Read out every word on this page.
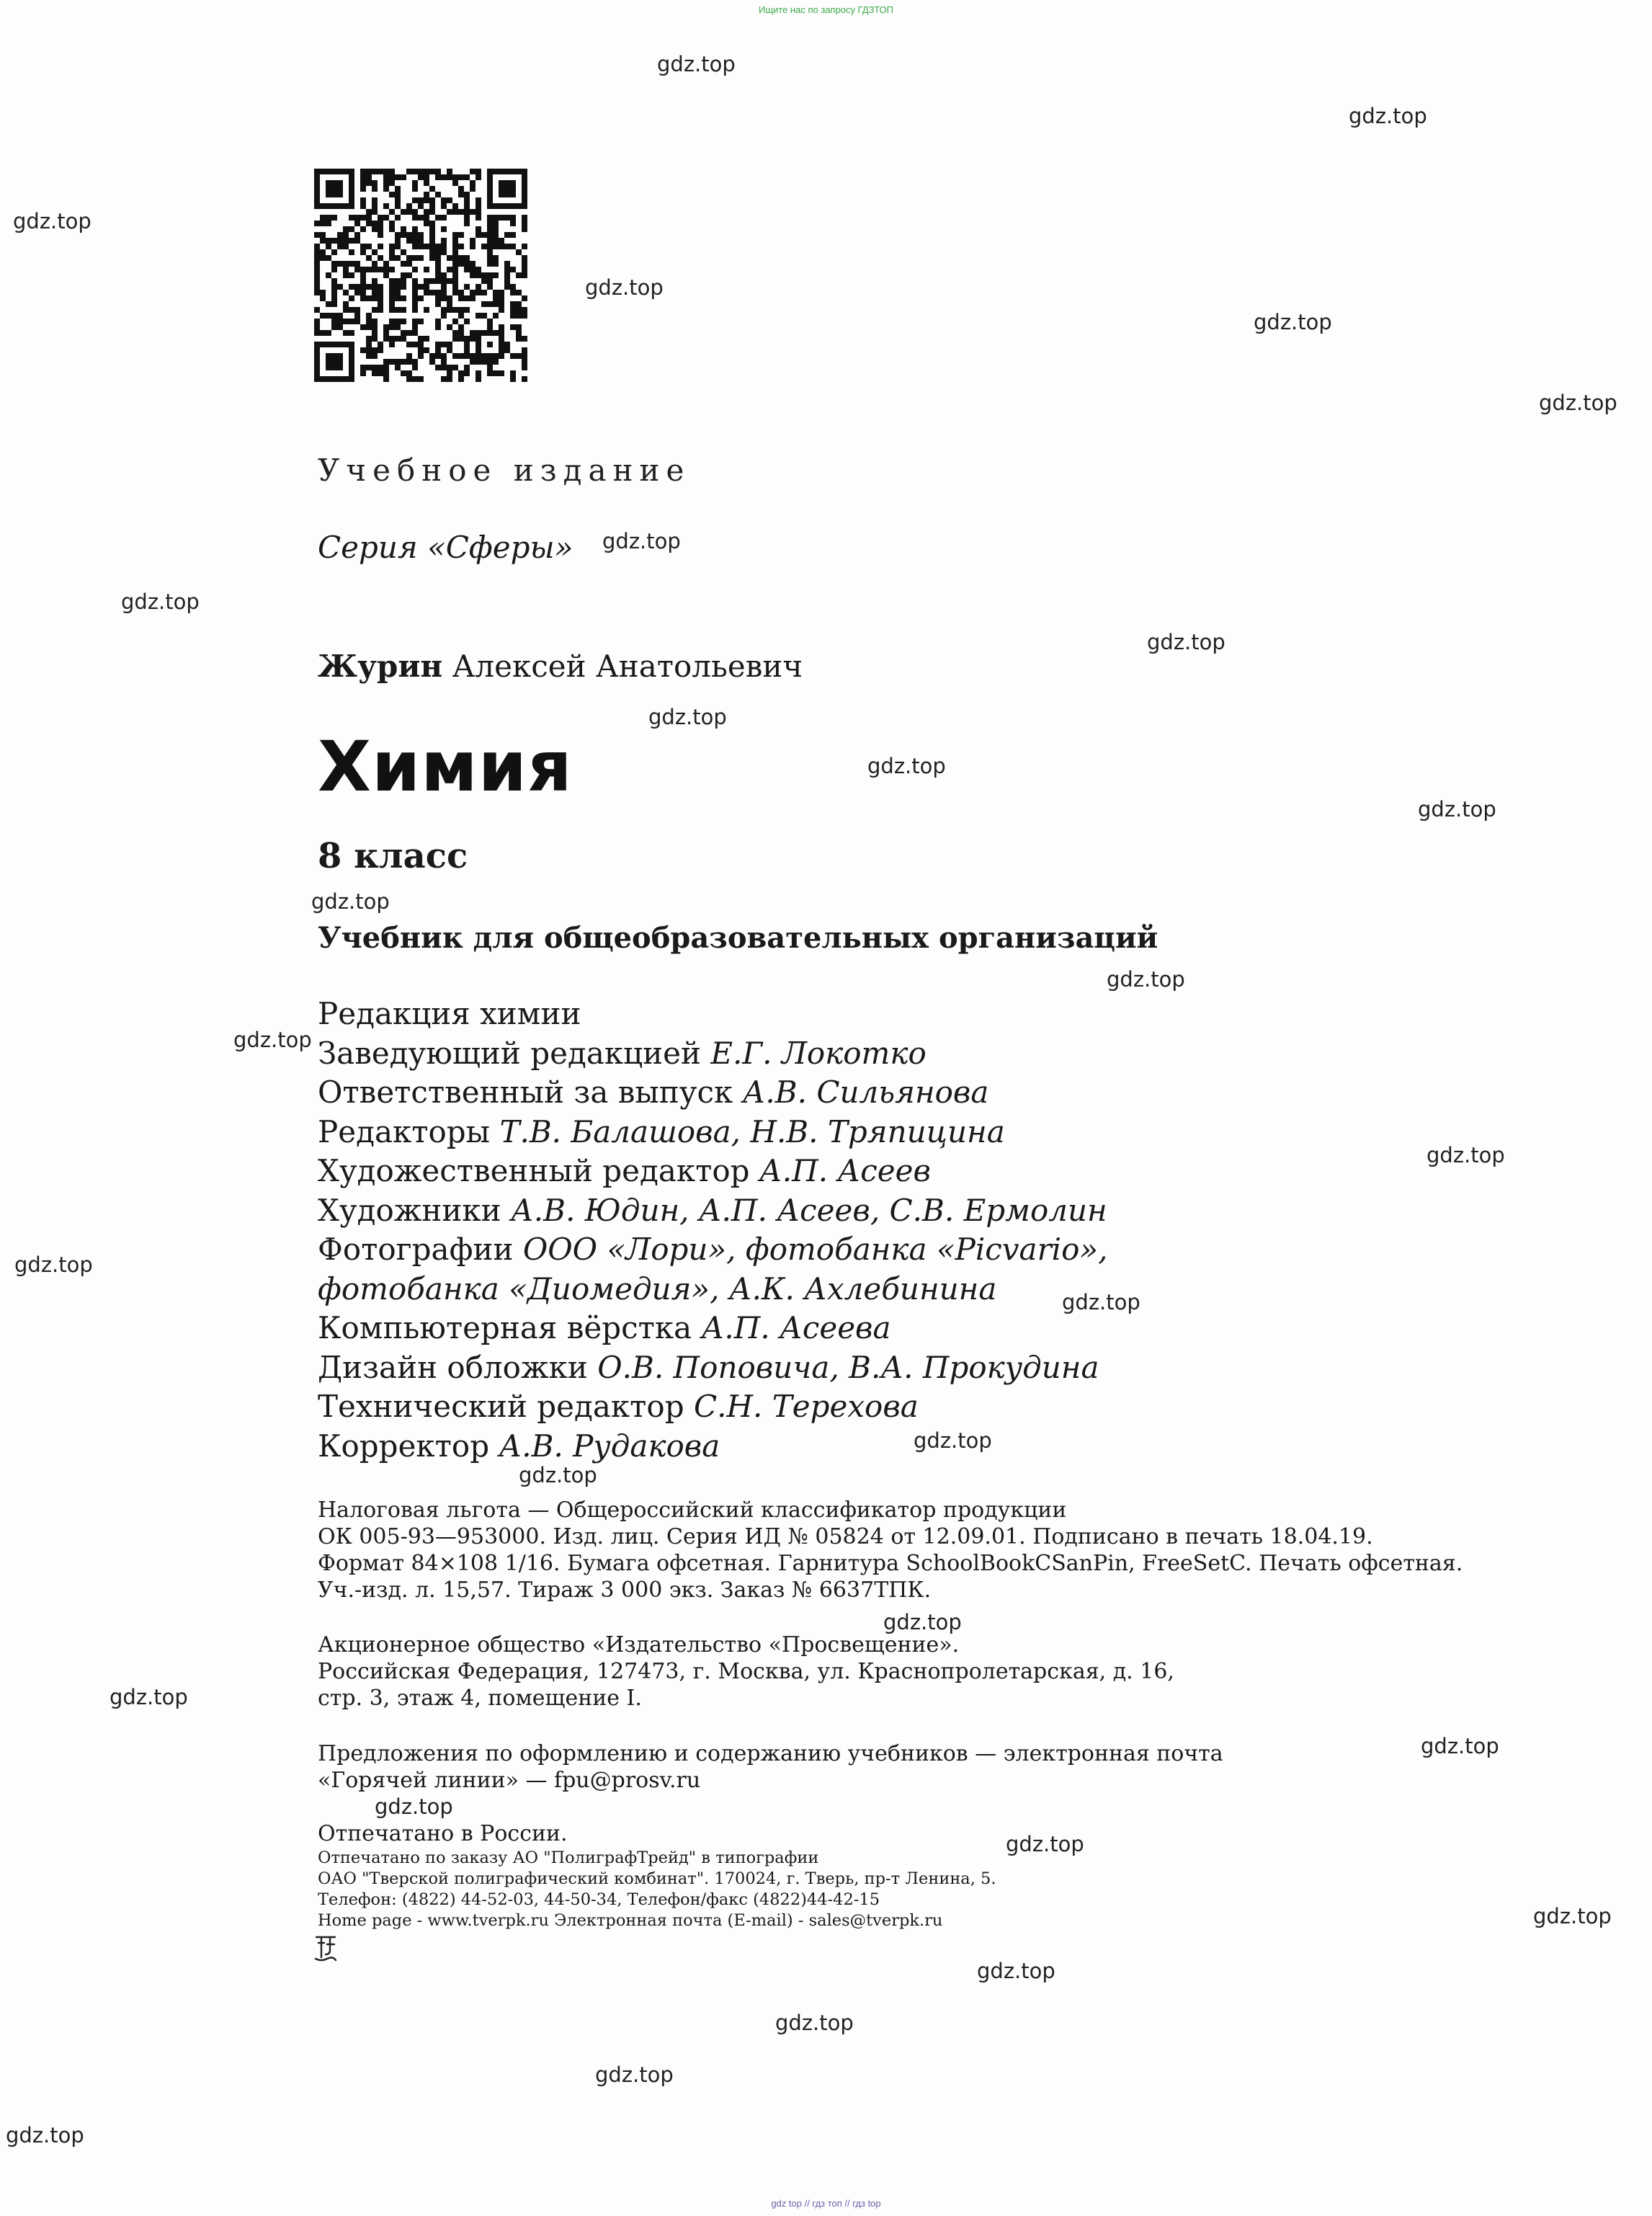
Ищите нас по запросу ГДЗТОП
gdz top // гдз топ // гдз top
Учебное издание
Серия «Сферы»
Журин Алексей Анатольевич
Химия
8 класс
Учебник для общеобразовательных организаций
Редакция химии
Заведующий редакцией Е.Г. Локотко
Ответственный за выпуск А.В. Сильянова
Редакторы Т.В. Балашова, Н.В. Тряпицина
Художественный редактор А.П. Асеев
Художники А.В. Юдин, А.П. Асеев, С.В. Ермолин
Фотографии ООО «Лори», фотобанка «Picvario»,
фотобанка «Диомедия», А.К. Ахлебинина
Компьютерная вёрстка А.П. Асеева
Дизайн обложки О.В. Поповича, В.А. Прокудина
Технический редактор С.Н. Терехова
Корректор А.В. Рудакова
Налоговая льгота — Общероссийский классификатор продукции
ОК 005-93—953000. Изд. лиц. Серия ИД № 05824 от 12.09.01. Подписано в печать 18.04.19.
Формат 84×108 1/16. Бумага офсетная. Гарнитура SchoolBookCSanPin, FreeSetC. Печать офсетная.
Уч.-изд. л. 15,57. Тираж 3 000 экз. Заказ № 6637ТПК.
Акционерное общество «Издательство «Просвещение».
Российская Федерация, 127473, г. Москва, ул. Краснопролетарская, д. 16,
стр. 3, этаж 4, помещение I.
Предложения по оформлению и содержанию учебников — электронная почта
«Горячей линии» — fpu@prosv.ru
Отпечатано в России.
Отпечатано по заказу АО "ПолиграфТрейд" в типографии
ОАО "Тверской полиграфический комбинат". 170024, г. Тверь, пр-т Ленина, 5.
Телефон: (4822) 44-52-03, 44-50-34, Телефон/факс (4822)44-42-15
Home page - www.tverpk.ru Электронная почта (E-mail) - sales@tverpk.ru
gdz.top
gdz.top
gdz.top
gdz.top
gdz.top
gdz.top
gdz.top
gdz.top
gdz.top
gdz.top
gdz.top
gdz.top
gdz.top
gdz.top
gdz.top
gdz.top
gdz.top
gdz.top
gdz.top
gdz.top
gdz.top
gdz.top
gdz.top
gdz.top
gdz.top
gdz.top
gdz.top
gdz.top
gdz.top
gdz.top
